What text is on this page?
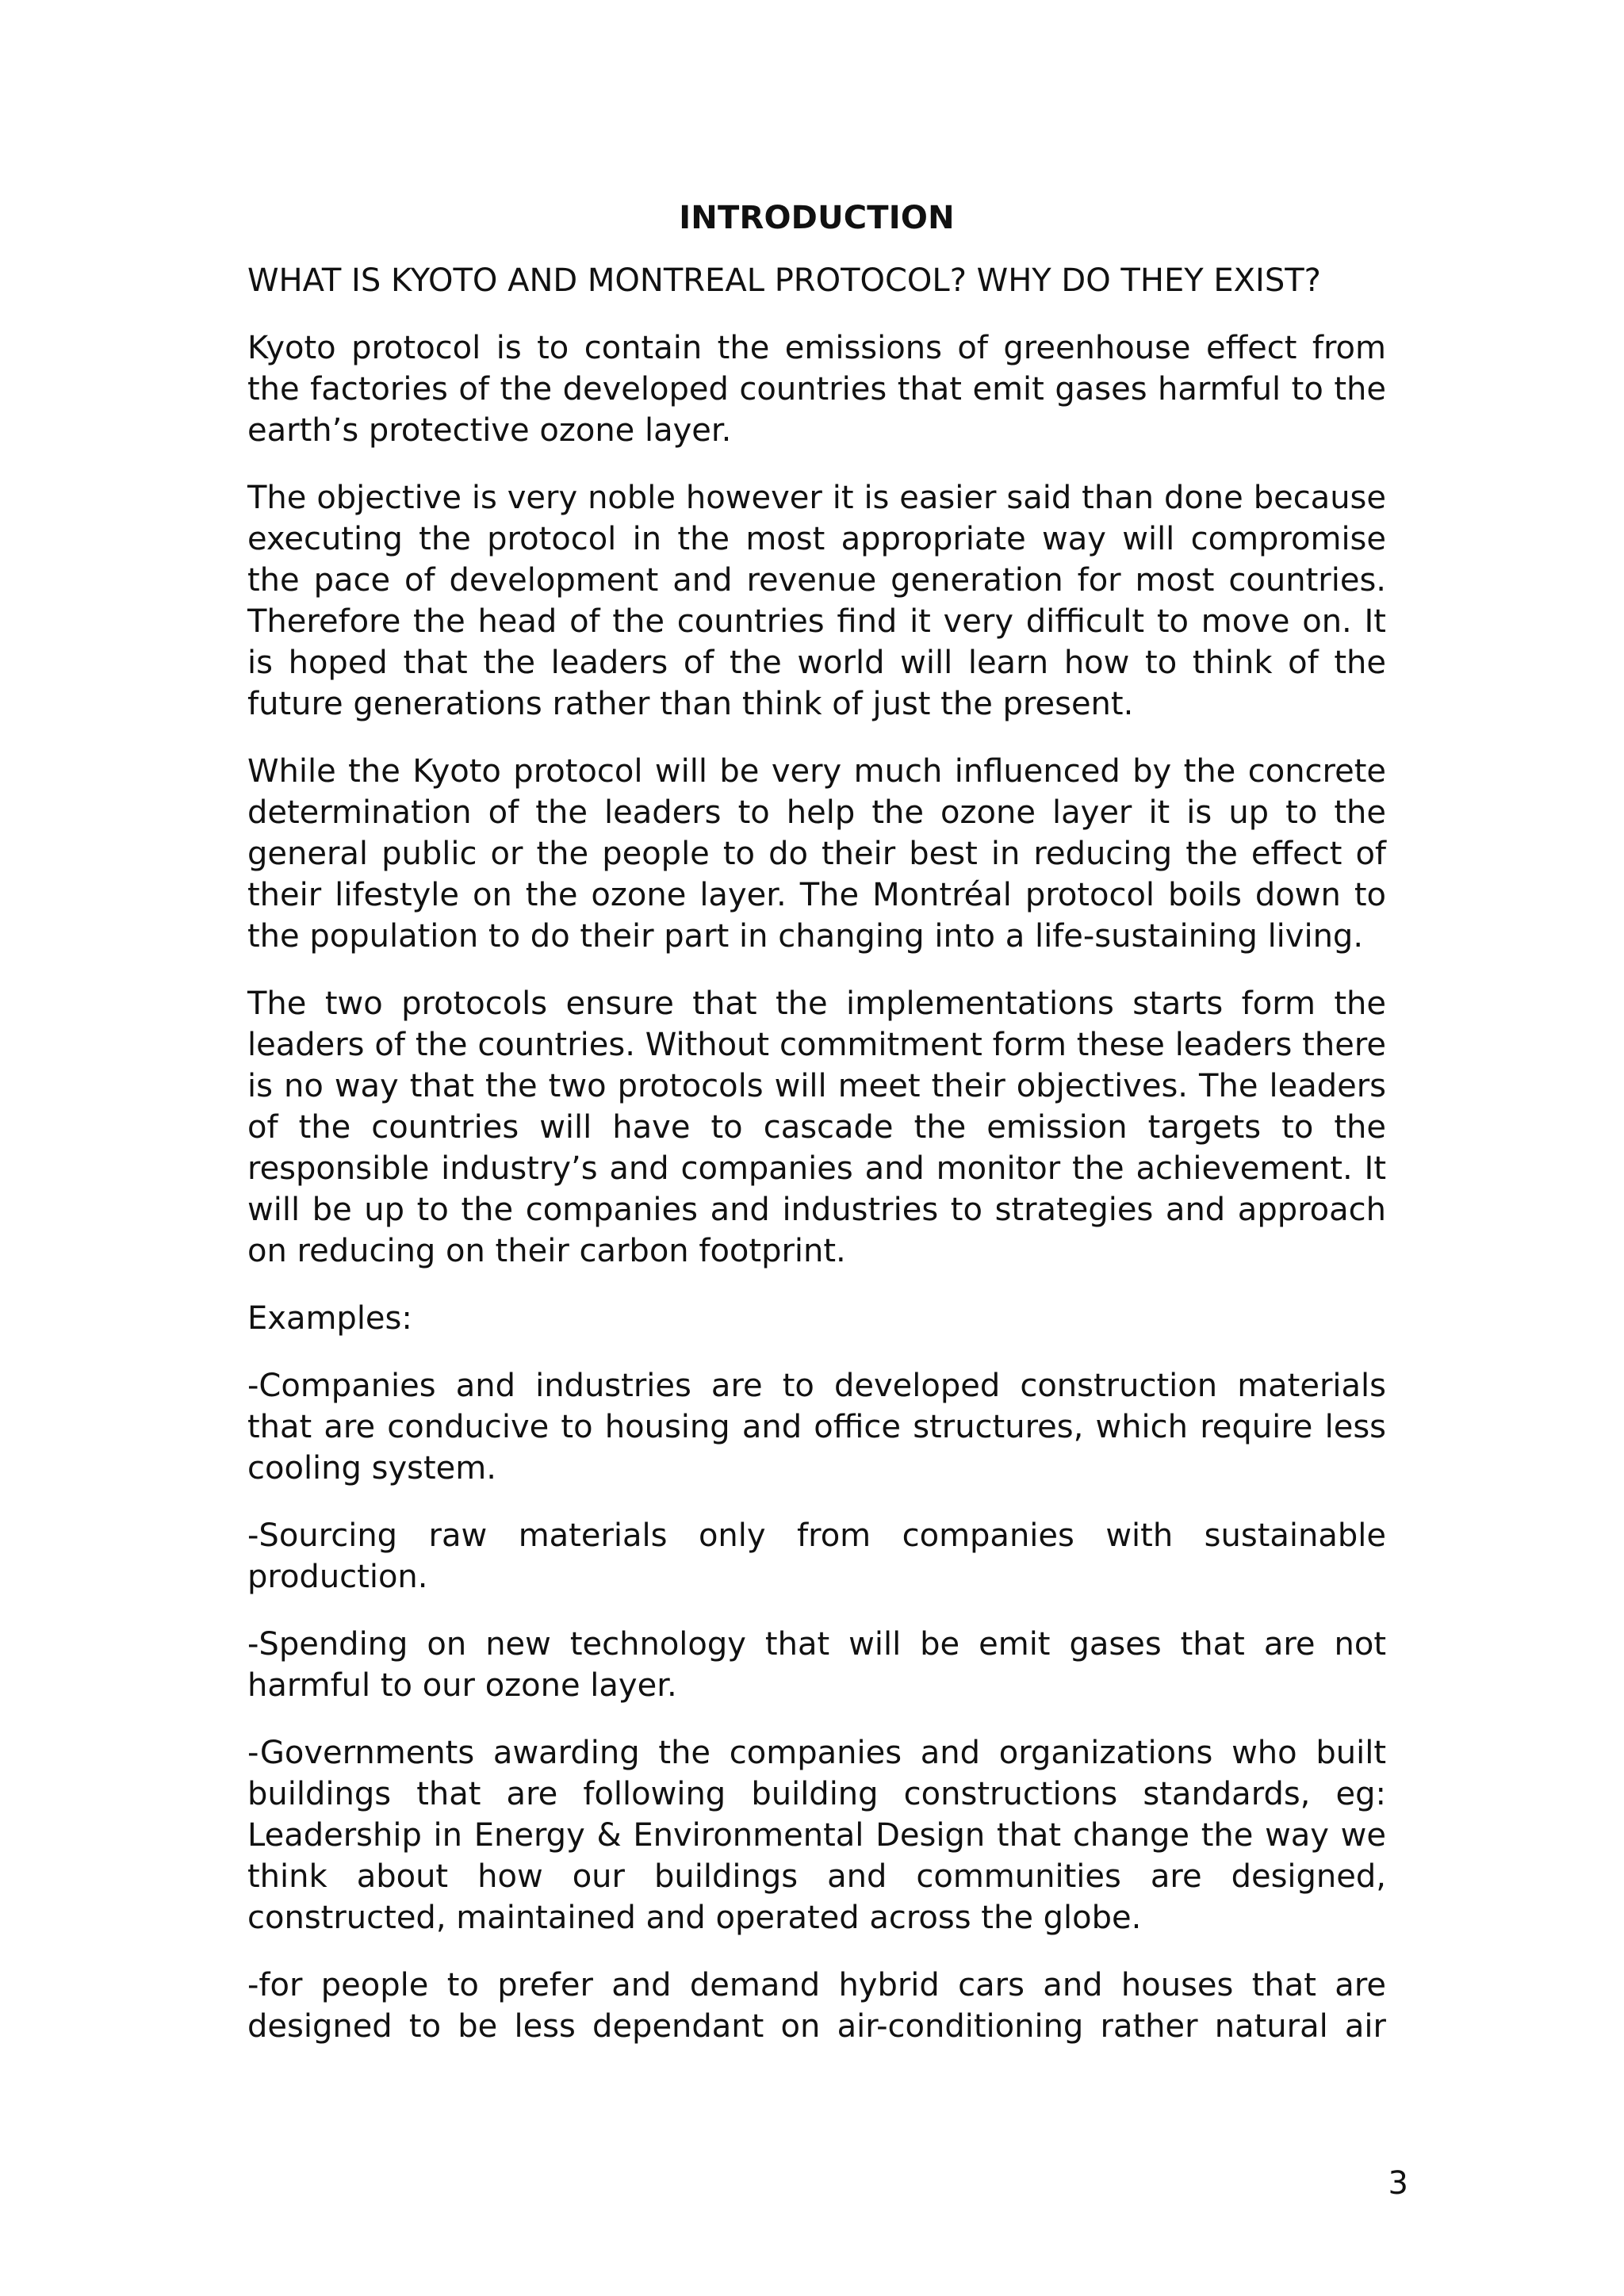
INTRODUCTION
WHAT IS KYOTO AND MONTREAL PROTOCOL? WHY DO THEY EXIST?

Kyoto protocol is to contain the emissions of greenhouse effect from the factories of the developed countries that emit gases harmful to the earth’s protective ozone layer.

The objective is very noble however it is easier said than done because executing the protocol in the most appropriate way will compromise the pace of development and revenue generation for most countries. Therefore the head of the countries find it very difficult to move on. It is hoped that the leaders of the world will learn how to think of the future generations rather than think of just the present.

While the Kyoto protocol will be very much influenced by the concrete determination of the leaders to help the ozone layer it is up to the general public or the people to do their best in reducing the effect of their lifestyle on the ozone layer. The Montréal protocol boils down to the population to do their part in changing into a life-sustaining living.

The two protocols ensure that the implementations starts form the leaders of the countries. Without commitment form these leaders there is no way that the two protocols will meet their objectives. The leaders of the countries will have to cascade the emission targets to the responsible industry’s and companies and monitor the achievement. It will be up to the companies and industries to strategies and approach on reducing on their carbon footprint.

Examples:

-Companies and industries are to developed construction materials that are conducive to housing and office structures, which require less cooling system.

-Sourcing raw materials only from companies with sustainable production.

-Spending on new technology that will be emit gases that are not harmful to our ozone layer.

-Governments awarding the companies and organizations who built buildings that are following building constructions standards, eg: Leadership in Energy & Environmental Design that change the way we think about how our buildings and communities are designed, constructed, maintained and operated across the globe.

-for people to prefer and demand hybrid cars and houses that are designed to be less dependant on air-conditioning rather natural air

3
